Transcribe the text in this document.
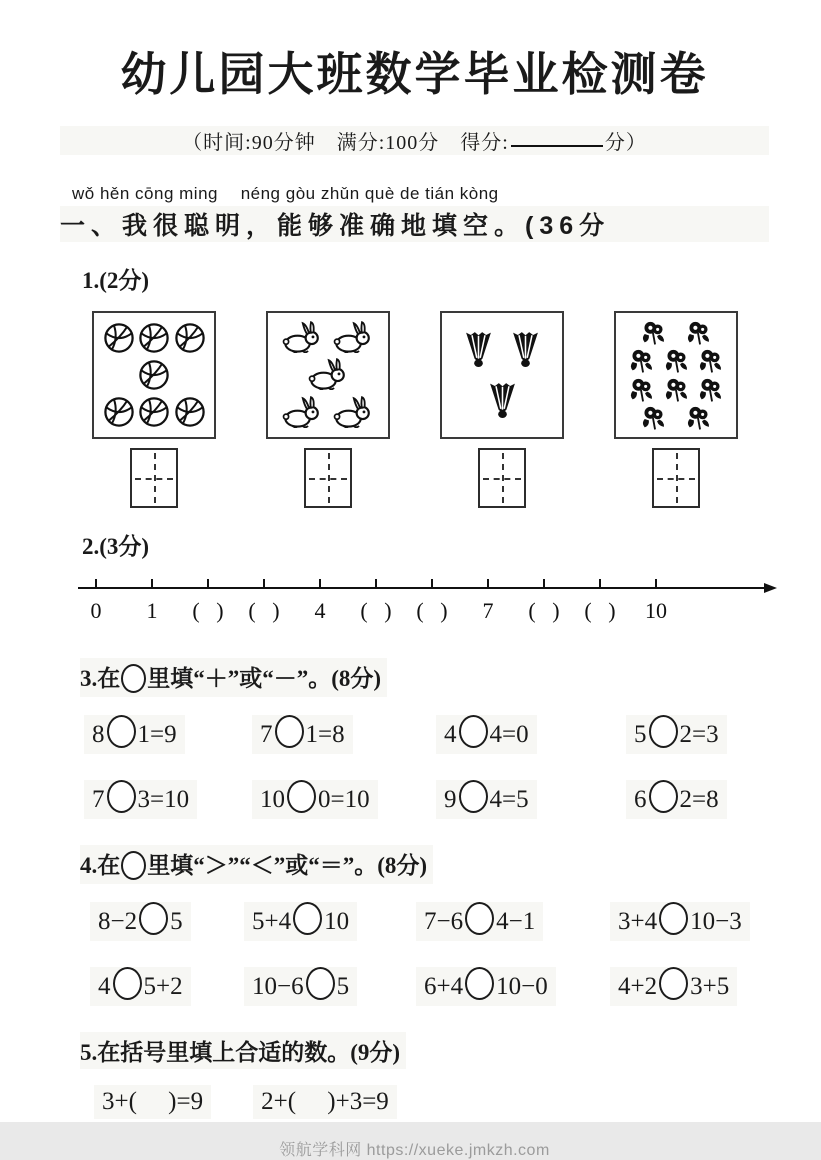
幼儿园大班数学毕业检测卷
（时间:90分钟　满分:100分　得分:	分）
wǒ hěn cōng ming　 néng gòu zhǔn què de tián kòng
一、我很聪明，能够准确地填空。(36分
1.(2分)
2.(3分)
0 1 (   ) (   ) 4 (   ) (   ) 7 (   ) (   ) 10
3.在 里填“＋”或“－”。(8分)
8 1=9	7 1=8	4 4=0	5 2=3
7 3=10	10 0=10	9 4=5	6 2=8
4.在 里填“＞”“＜”或“＝”。(8分)
8−2 5	5+4 10	7−6 4−1	3+4 10−3
4 5+2	10−6 5	6+4 10−0	4+2 3+5
5.在括号里填上合适的数。(9分)
3+(     )=9	2+(     )+3=9
领航学科网 https://xueke.jmkzh.com
